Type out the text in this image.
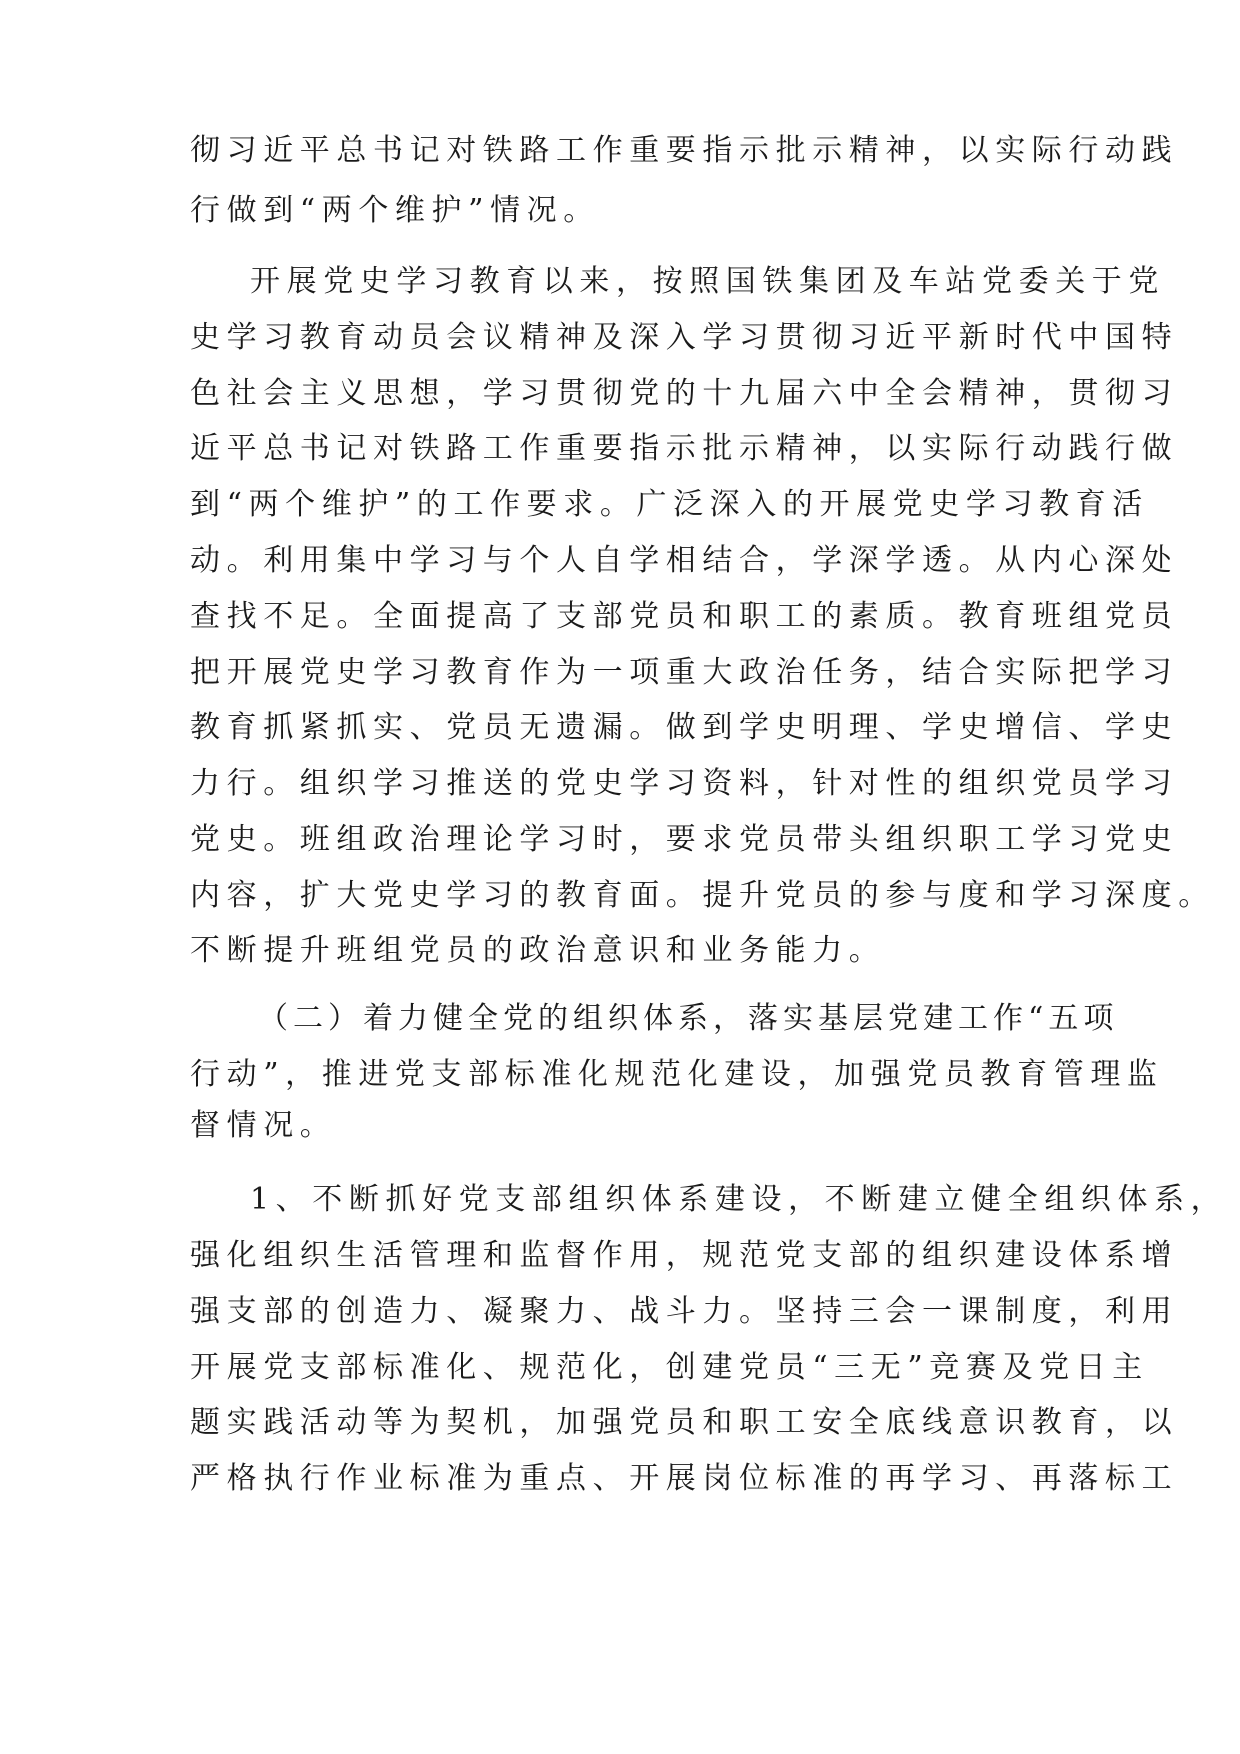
彻习近平总书记对铁路工作重要指示批示精神，以实际行动践
行做到“两个维护”情况。
开展党史学习教育以来，按照国铁集团及车站党委关于党
史学习教育动员会议精神及深入学习贯彻习近平新时代中国特
色社会主义思想，学习贯彻党的十九届六中全会精神，贯彻习
近平总书记对铁路工作重要指示批示精神，以实际行动践行做
到“两个维护”的工作要求。广泛深入的开展党史学习教育活
动。利用集中学习与个人自学相结合，学深学透。从内心深处
查找不足。全面提高了支部党员和职工的素质。教育班组党员
把开展党史学习教育作为一项重大政治任务，结合实际把学习
教育抓紧抓实、党员无遗漏。做到学史明理、学史增信、学史
力行。组织学习推送的党史学习资料，针对性的组织党员学习
党史。班组政治理论学习时，要求党员带头组织职工学习党史
内容，扩大党史学习的教育面。提升党员的参与度和学习深度。
不断提升班组党员的政治意识和业务能力。
（二）着力健全党的组织体系，落实基层党建工作“五项
行动”，推进党支部标准化规范化建设，加强党员教育管理监
督情况。
1、不断抓好党支部组织体系建设，不断建立健全组织体系，
强化组织生活管理和监督作用，规范党支部的组织建设体系增
强支部的创造力、凝聚力、战斗力。坚持三会一课制度，利用
开展党支部标准化、规范化，创建党员“三无”竞赛及党日主
题实践活动等为契机，加强党员和职工安全底线意识教育，以
严格执行作业标准为重点、开展岗位标准的再学习、再落标工
